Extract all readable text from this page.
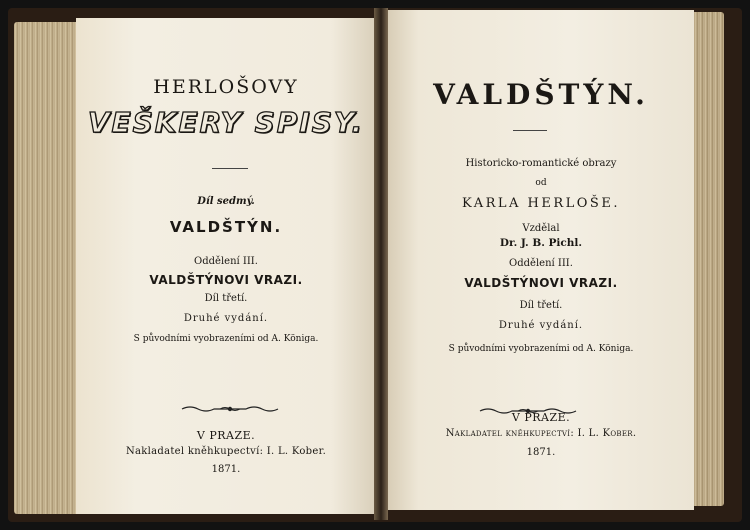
HERLOŠOVY
VEŠKERY SPISY.
Díl sedmý.
VALDŠTÝN.
Oddělení III.
VALDŠTÝNOVI VRAZI.
Díl třetí.
Druhé vydání.
S původními vyobrazeními od A. Königa.
V PRAZE.
Nakladatel kněhkupectví: I. L. Kober.
1871.
VALDŠTÝN.
Historicko-romantické obrazy
od
KARLA HERLOŠE.
Vzdělal
Dr. J. B. Pichl.
Oddělení III.
VALDŠTÝNOVI VRAZI.
Díl třetí.
Druhé vydání.
S původními vyobrazeními od A. Königa.
V PRAZE.
Nakladatel kněhkupectví: I. L. Kober.
1871.
